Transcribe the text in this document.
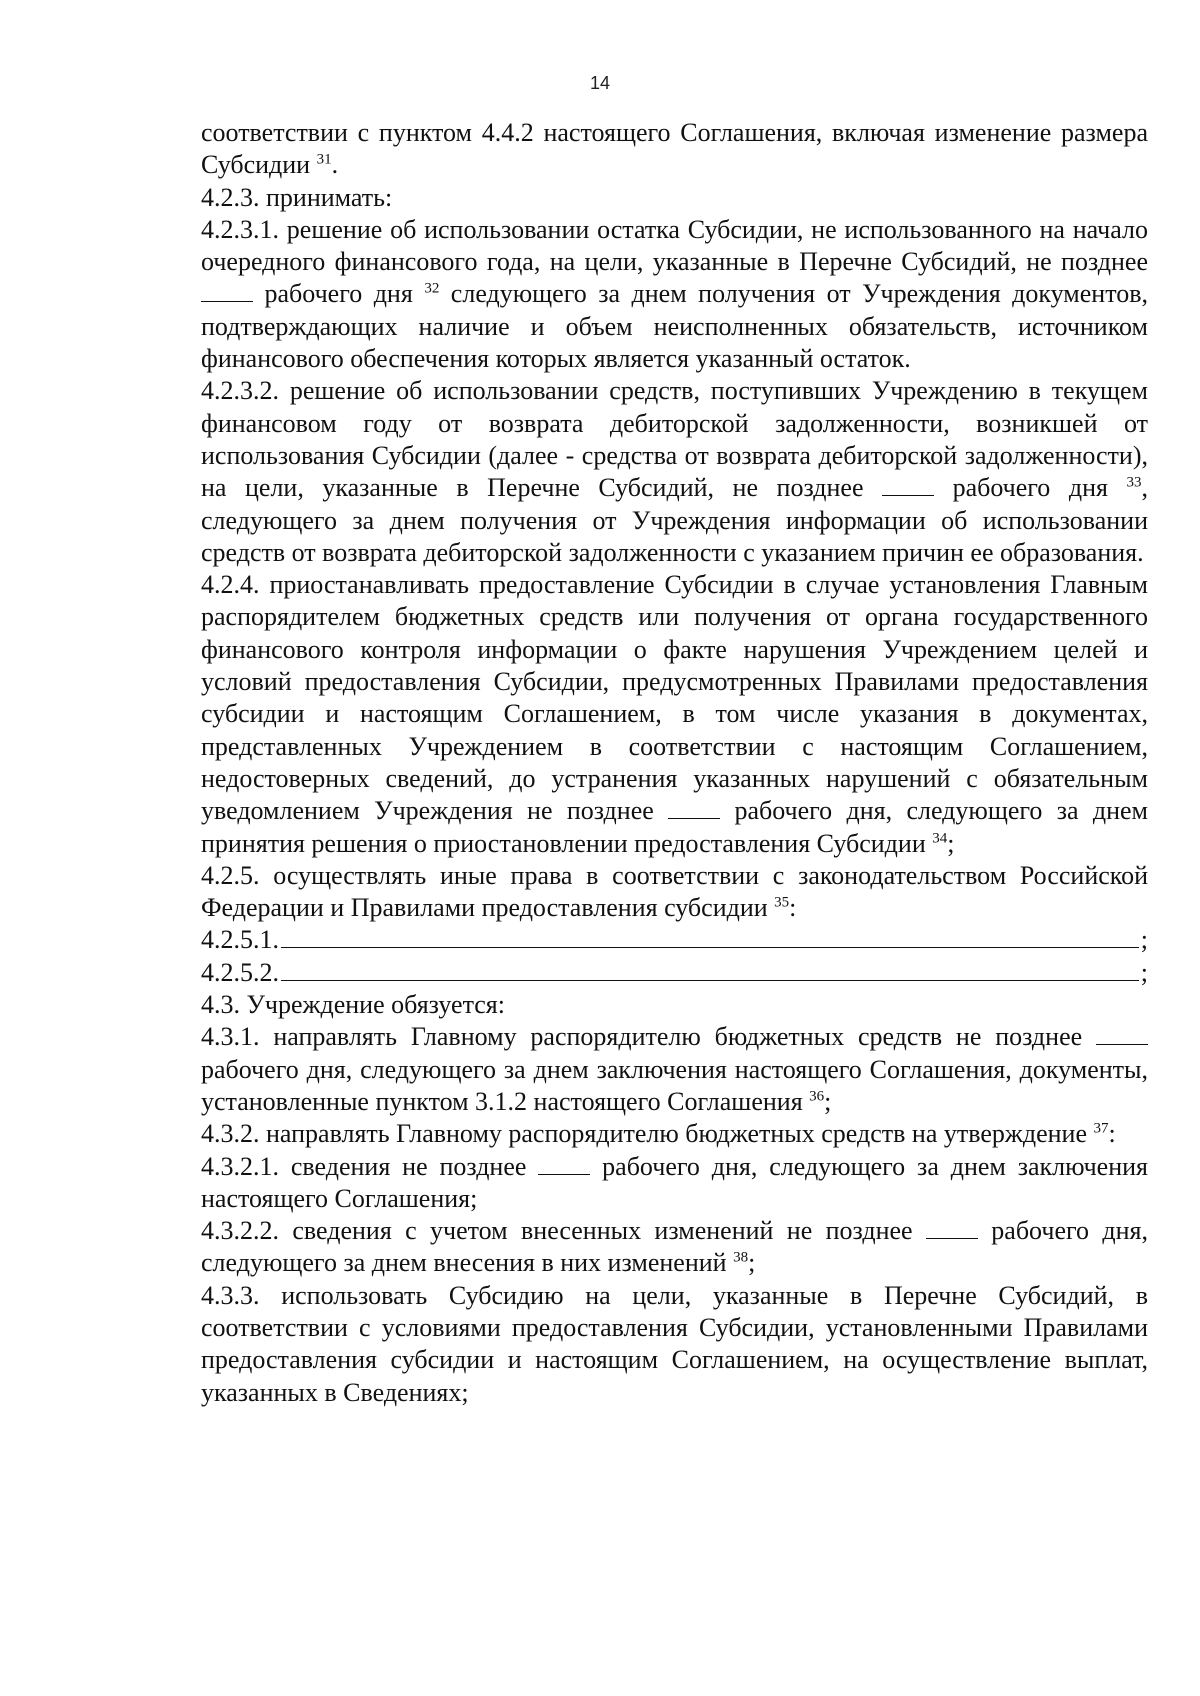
14

соответствии с пунктом 4.4.2 настоящего Соглашения, включая изменение размера Субсидии $^{31}$.

4.2.3. принимать:

4.2.3.1. решение об использовании остатка Субсидии, не использованного на начало очередного финансового года, на цели, указанные в Перечне Субсидий, не позднее  рабочего дня $^{32}$ следующего за днем получения от Учреждения документов, подтверждающих наличие и объем неисполненных обязательств, источником финансового обеспечения которых является указанный остаток.

4.2.3.2. решение об использовании средств, поступивших Учреждению в текущем финансовом году от возврата дебиторской задолженности, возникшей от использования Субсидии (далее - средства от возврата дебиторской задолженности), на цели, указанные в Перечне Субсидий, не позднее  рабочего дня $^{33}$, следующего за днем получения от Учреждения информации об использовании средств от возврата дебиторской задолженности с указанием причин ее образования.

4.2.4. приостанавливать предоставление Субсидии в случае установления Главным распорядителем бюджетных средств или получения от органа государственного финансового контроля информации о факте нарушения Учреждением целей и условий предоставления Субсидии, предусмотренных Правилами предоставления субсидии и настоящим Соглашением, в том числе указания в документах, представленных Учреждением в соответствии с настоящим Соглашением, недостоверных сведений, до устранения указанных нарушений с обязательным уведомлением Учреждения не позднее  рабочего дня, следующего за днем принятия решения о приостановлении предоставления Субсидии $^{34}$;

4.2.5. осуществлять иные права в соответствии с законодательством Российской Федерации и Правилами предоставления субсидии $^{35}$:

4.2.5.1.	;
4.2.5.2.	;

4.3. Учреждение обязуется:

4.3.1. направлять Главному распорядителю бюджетных средств не позднее  рабочего дня, следующего за днем заключения настоящего Соглашения, документы, установленные пунктом 3.1.2 настоящего Соглашения $^{36}$;

4.3.2. направлять Главному распорядителю бюджетных средств на утверждение $^{37}$:

4.3.2.1. сведения не позднее  рабочего дня, следующего за днем заключения настоящего Соглашения;

4.3.2.2. сведения с учетом внесенных изменений не позднее  рабочего дня, следующего за днем внесения в них изменений $^{38}$;

4.3.3. использовать Субсидию на цели, указанные в Перечне Субсидий, в соответствии с условиями предоставления Субсидии, установленными Правилами предоставления субсидии и настоящим Соглашением, на осуществление выплат, указанных в Сведениях;
